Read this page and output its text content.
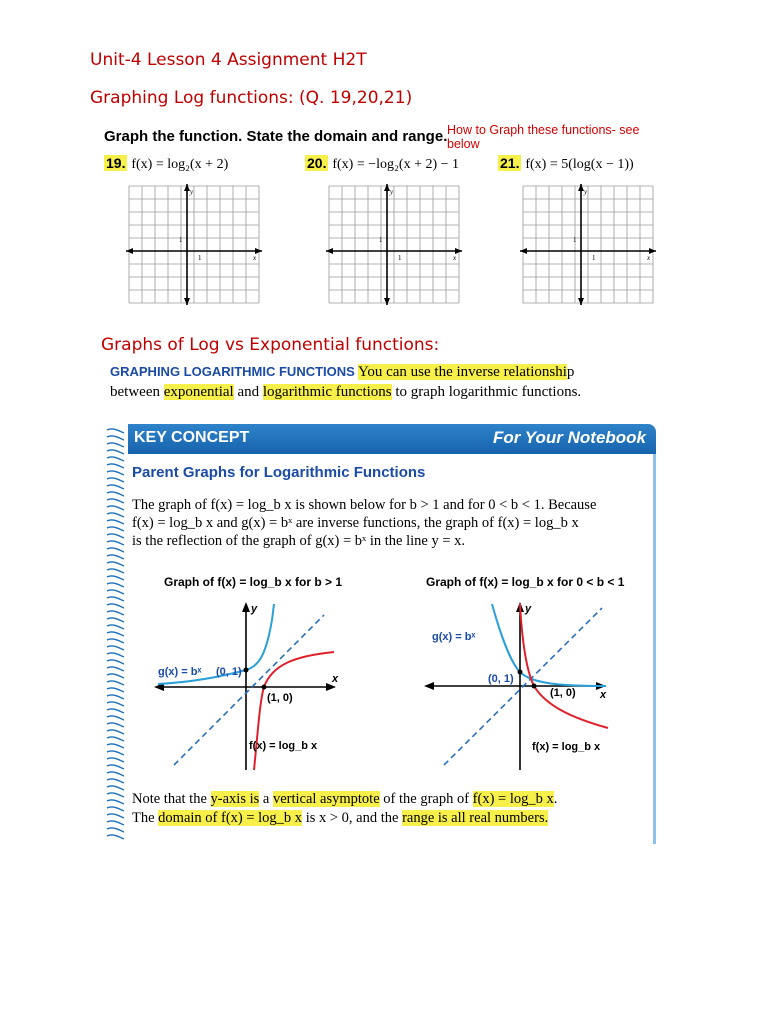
Unit-4 Lesson 4 Assignment H2T
Graphing Log functions: (Q. 19,20,21)
Graph the function. State the domain and range. How to Graph these functions- see
below
19. f(x) = log₂(x + 2)	20. f(x) = −log₂(x + 2) − 1	21. f(x) = 5(log(x − 1))
y
x
1
1
y
x
1
1
y
x
1
1
Graphs of Log vs Exponential functions:
GRAPHING LOGARITHMIC FUNCTIONS You can use the inverse relationship
between exponential and logarithmic functions to graph logarithmic functions.
KEY CONCEPT	For Your Notebook
Parent Graphs for Logarithmic Functions
The graph of f(x) = log_b x is shown below for b > 1 and for 0 < b < 1. Because
f(x) = log_b x and g(x) = bˣ are inverse functions, the graph of f(x) = log_b x
is the reflection of the graph of g(x) = bˣ in the line y = x.
Graph of f(x) = log_b x for b > 1	Graph of f(x) = log_b x for 0 < b < 1
g(x) = bˣ (0, 1)
(1, 0)
f(x) = log_b x
x
y
g(x) = bˣ
(0, 1)
(1, 0)
f(x) = log_b x
x
y
Note that the y-axis is a vertical asymptote of the graph of f(x) = log_b x.
The domain of f(x) = log_b x is x > 0, and the range is all real numbers.
